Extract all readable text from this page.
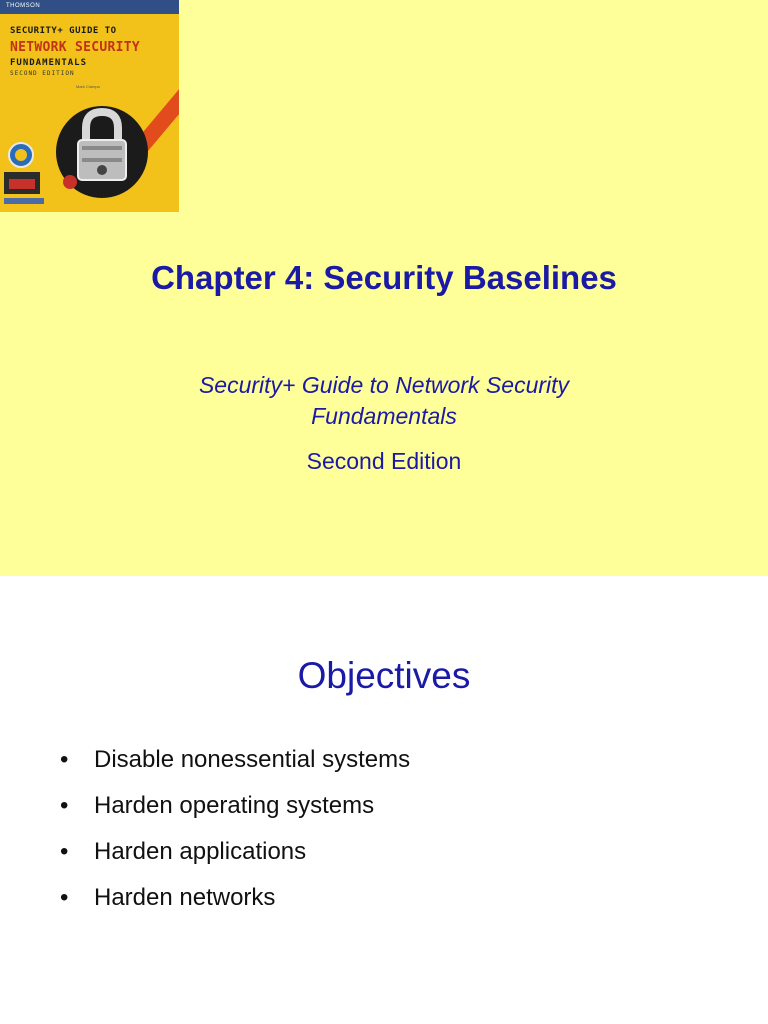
THOMSON
SECURITY+ GUIDE TO
NETWORK SECURITY
FUNDAMENTALS
SECOND EDITION
Mark Ciampa
Chapter 4: Security Baselines
Security+ Guide to Network Security
Fundamentals
Second Edition
Objectives
•	Disable nonessential systems
•	Harden operating systems
•	Harden applications
•	Harden networks
